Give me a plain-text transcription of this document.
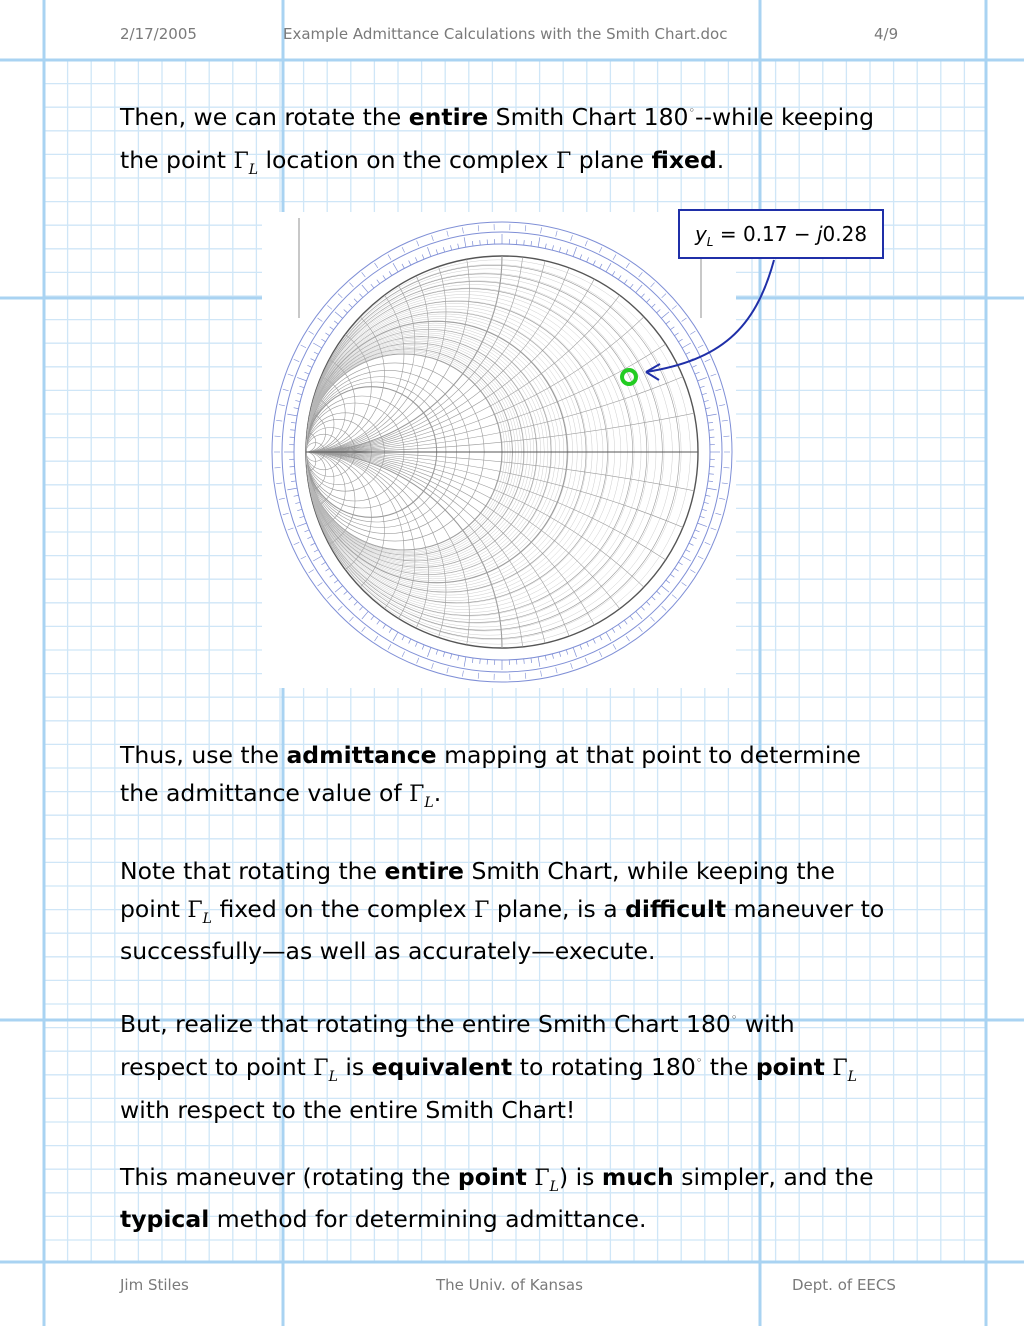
2/17/2005	Example Admittance Calculations with the Smith Chart.doc	4/9
Then, we can rotate the entire Smith Chart 180◦--while keeping
the point $\Gamma_L$ location on the complex Γ plane fixed.
$y_L = 0.17 - j0.28$
Thus, use the admittance mapping at that point to determine
the admittance value of $\Gamma_L$.
Note that rotating the entire Smith Chart, while keeping the
point $\Gamma_L$ fixed on the complex Γ plane, is a difficult maneuver to
successfully—as well as accurately—execute.
But, realize that rotating the entire Smith Chart 180◦ with
respect to point $\Gamma_L$ is equivalent to rotating 180◦ the point $\Gamma_L$
with respect to the entire Smith Chart!
This maneuver (rotating the point $\Gamma_L$) is much simpler, and the
typical method for determining admittance.
Jim Stiles	The Univ. of Kansas	Dept. of EECS
